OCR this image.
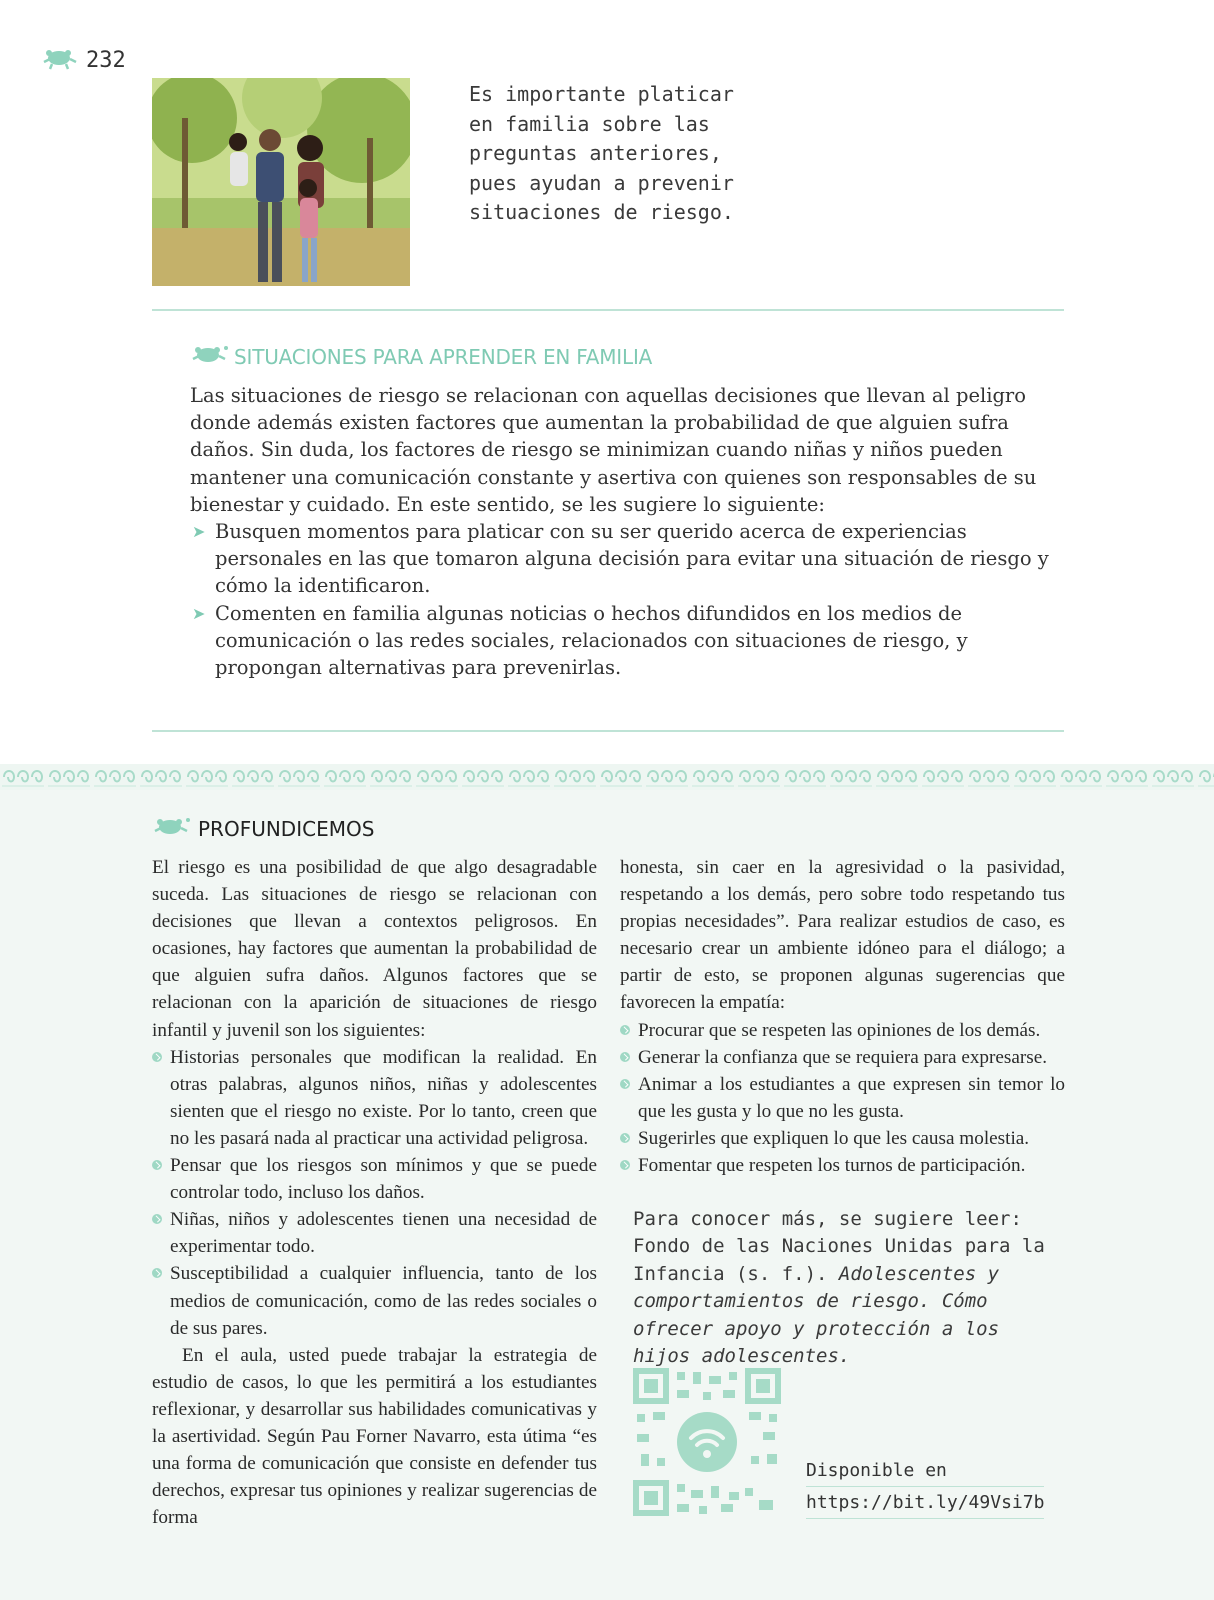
232
Es importante platicar
en familia sobre las
preguntas anteriores,
pues ayudan a prevenir
situaciones de riesgo.
SITUACIONES PARA APRENDER EN FAMILIA

Las situaciones de riesgo se relacionan con aquellas decisiones que llevan al peligro donde además existen factores que aumentan la probabilidad de que alguien sufra daños. Sin duda, los factores de riesgo se minimizan cuando niñas y niños pueden mantener una comunicación constante y asertiva con quienes son responsables de su bienestar y cuidado. En este sentido, se les sugiere lo siguiente:

➤ Busquen momentos para platicar con su ser querido acerca de experiencias personales en las que tomaron alguna decisión para evitar una situación de riesgo y cómo la identificaron.
➤ Comenten en familia algunas noticias o hechos difundidos en los medios de comunicación o las redes sociales, relacionados con situaciones de riesgo, y propongan alternativas para prevenirlas.
PROFUNDICEMOS

El riesgo es una posibilidad de que algo desagradable suceda. Las situaciones de riesgo se relacionan con decisiones que llevan a contextos peligrosos. En ocasiones, hay factores que aumentan la probabilidad de que alguien sufra daños. Algunos factores que se relacionan con la aparición de situaciones de riesgo infantil y juvenil son los siguientes:

Historias personales que modifican la realidad. En otras palabras, algunos niños, niñas y adolescentes sienten que el riesgo no existe. Por lo tanto, creen que no les pasará nada al practicar una actividad peligrosa.
Pensar que los riesgos son mínimos y que se puede controlar todo, incluso los daños.
Niñas, niños y adolescentes tienen una necesidad de experimentar todo.
Susceptibilidad a cualquier influencia, tanto de los medios de comunicación, como de las redes sociales o de sus pares.

En el aula, usted puede trabajar la estrategia de estudio de casos, lo que les permitirá a los estudiantes reflexionar, y desarrollar sus habilidades comunicativas y la asertividad. Según Pau Forner Navarro, esta útima “es una forma de comunicación que consiste en defender tus derechos, expresar tus opiniones y realizar sugerencias de forma

honesta, sin caer en la agresividad o la pasividad, respetando a los demás, pero sobre todo respetando tus propias necesidades”. Para realizar estudios de caso, es necesario crear un ambiente idóneo para el diálogo; a partir de esto, se proponen algunas sugerencias que favorecen la empatía:

Procurar que se respeten las opiniones de los demás.
Generar la confianza que se requiera para expresarse.
Animar a los estudiantes a que expresen sin temor lo que les gusta y lo que no les gusta.
Sugerirles que expliquen lo que les causa molestia.
Fomentar que respeten los turnos de participación.
Para conocer más, se sugiere leer: Fondo de las Naciones Unidas para la Infancia (s. f.). Adolescentes y comportamientos de riesgo. Cómo ofrecer apoyo y protección a los hijos adolescentes.
Disponible en
https://bit.ly/49Vsi7b
